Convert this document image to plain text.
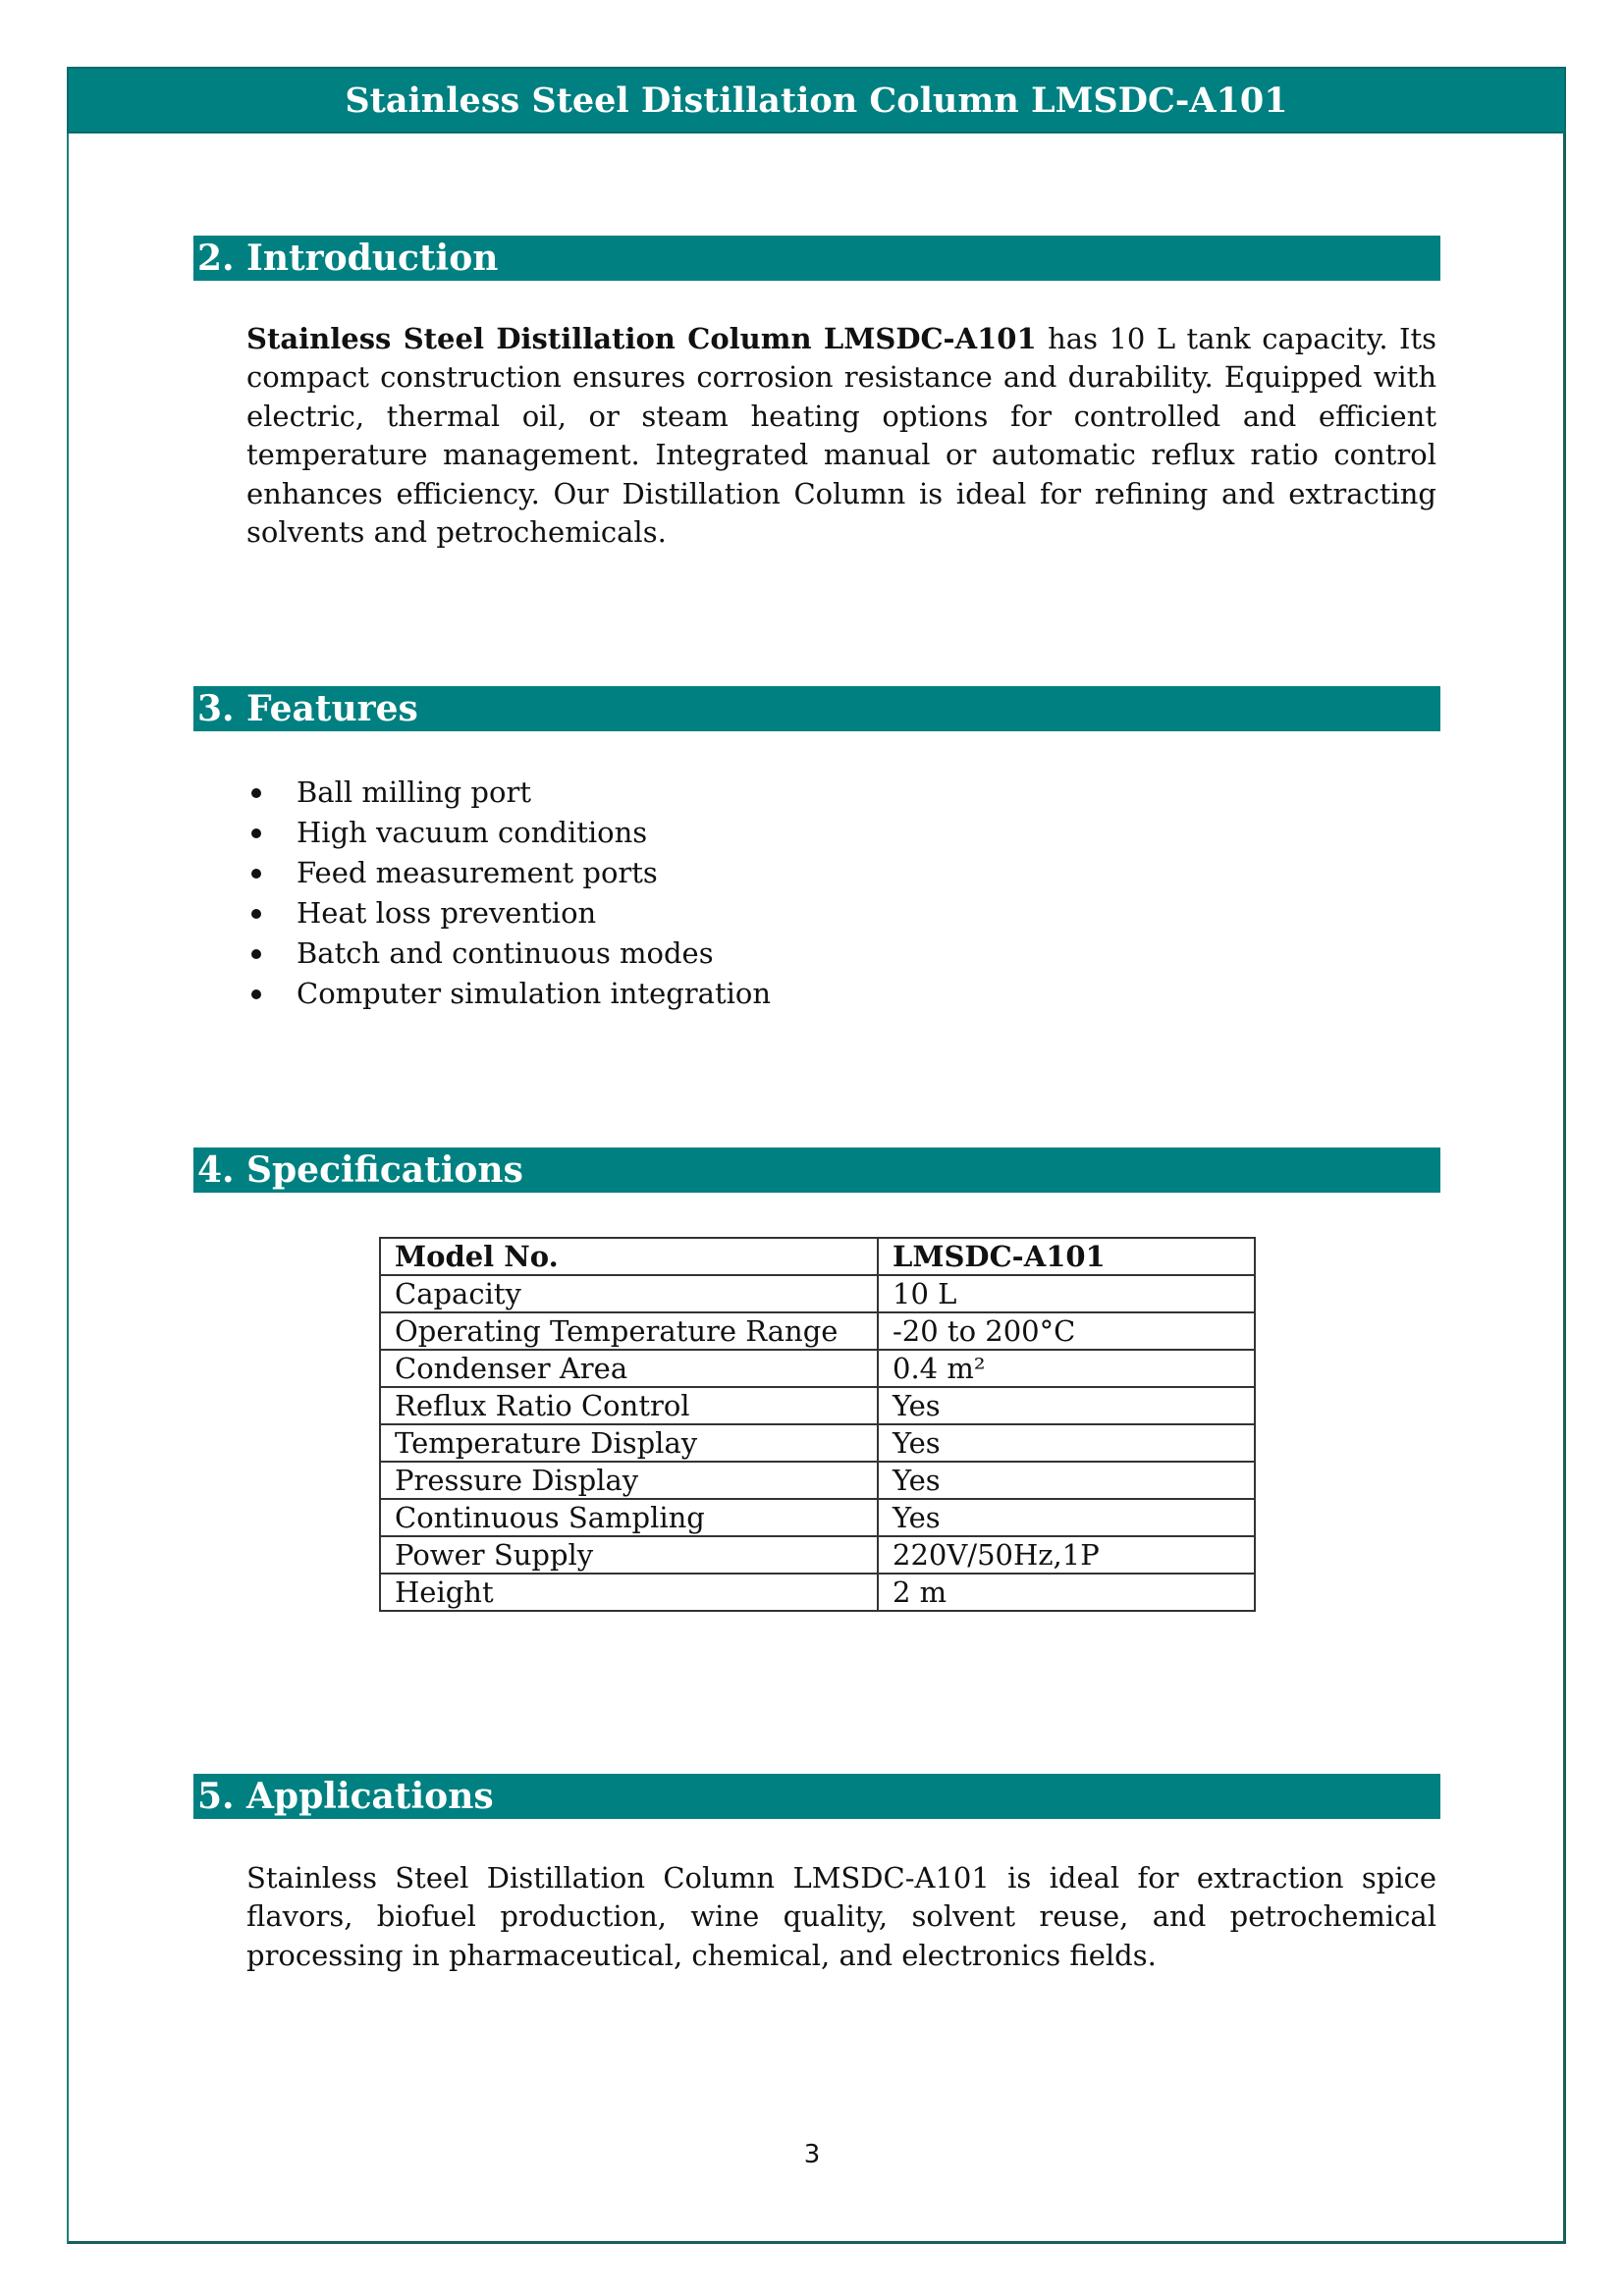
Stainless Steel Distillation Column LMSDC-A101
2. Introduction

Stainless Steel Distillation Column LMSDC-A101 has 10 L tank capacity. Its compact construction ensures corrosion resistance and durability. Equipped with electric, thermal oil, or steam heating options for controlled and efficient temperature management. Integrated manual or automatic reflux ratio control enhances efficiency. Our Distillation Column is ideal for refining and extracting solvents and petrochemicals.

3. Features
Ball milling port
High vacuum conditions
Feed measurement ports
Heat loss prevention
Batch and continuous modes
Computer simulation integration
4. Specifications
Model No.	LMSDC-A101
Capacity	10 L
Operating Temperature Range	-20 to 200°C
Condenser Area	0.4 m²
Reflux Ratio Control	Yes
Temperature Display	Yes
Pressure Display	Yes
Continuous Sampling	Yes
Power Supply	220V/50Hz,1P
Height	2 m
5. Applications

Stainless Steel Distillation Column LMSDC-A101 is ideal for extraction spice flavors, biofuel production, wine quality, solvent reuse, and petrochemical processing in pharmaceutical, chemical, and electronics fields.

3
